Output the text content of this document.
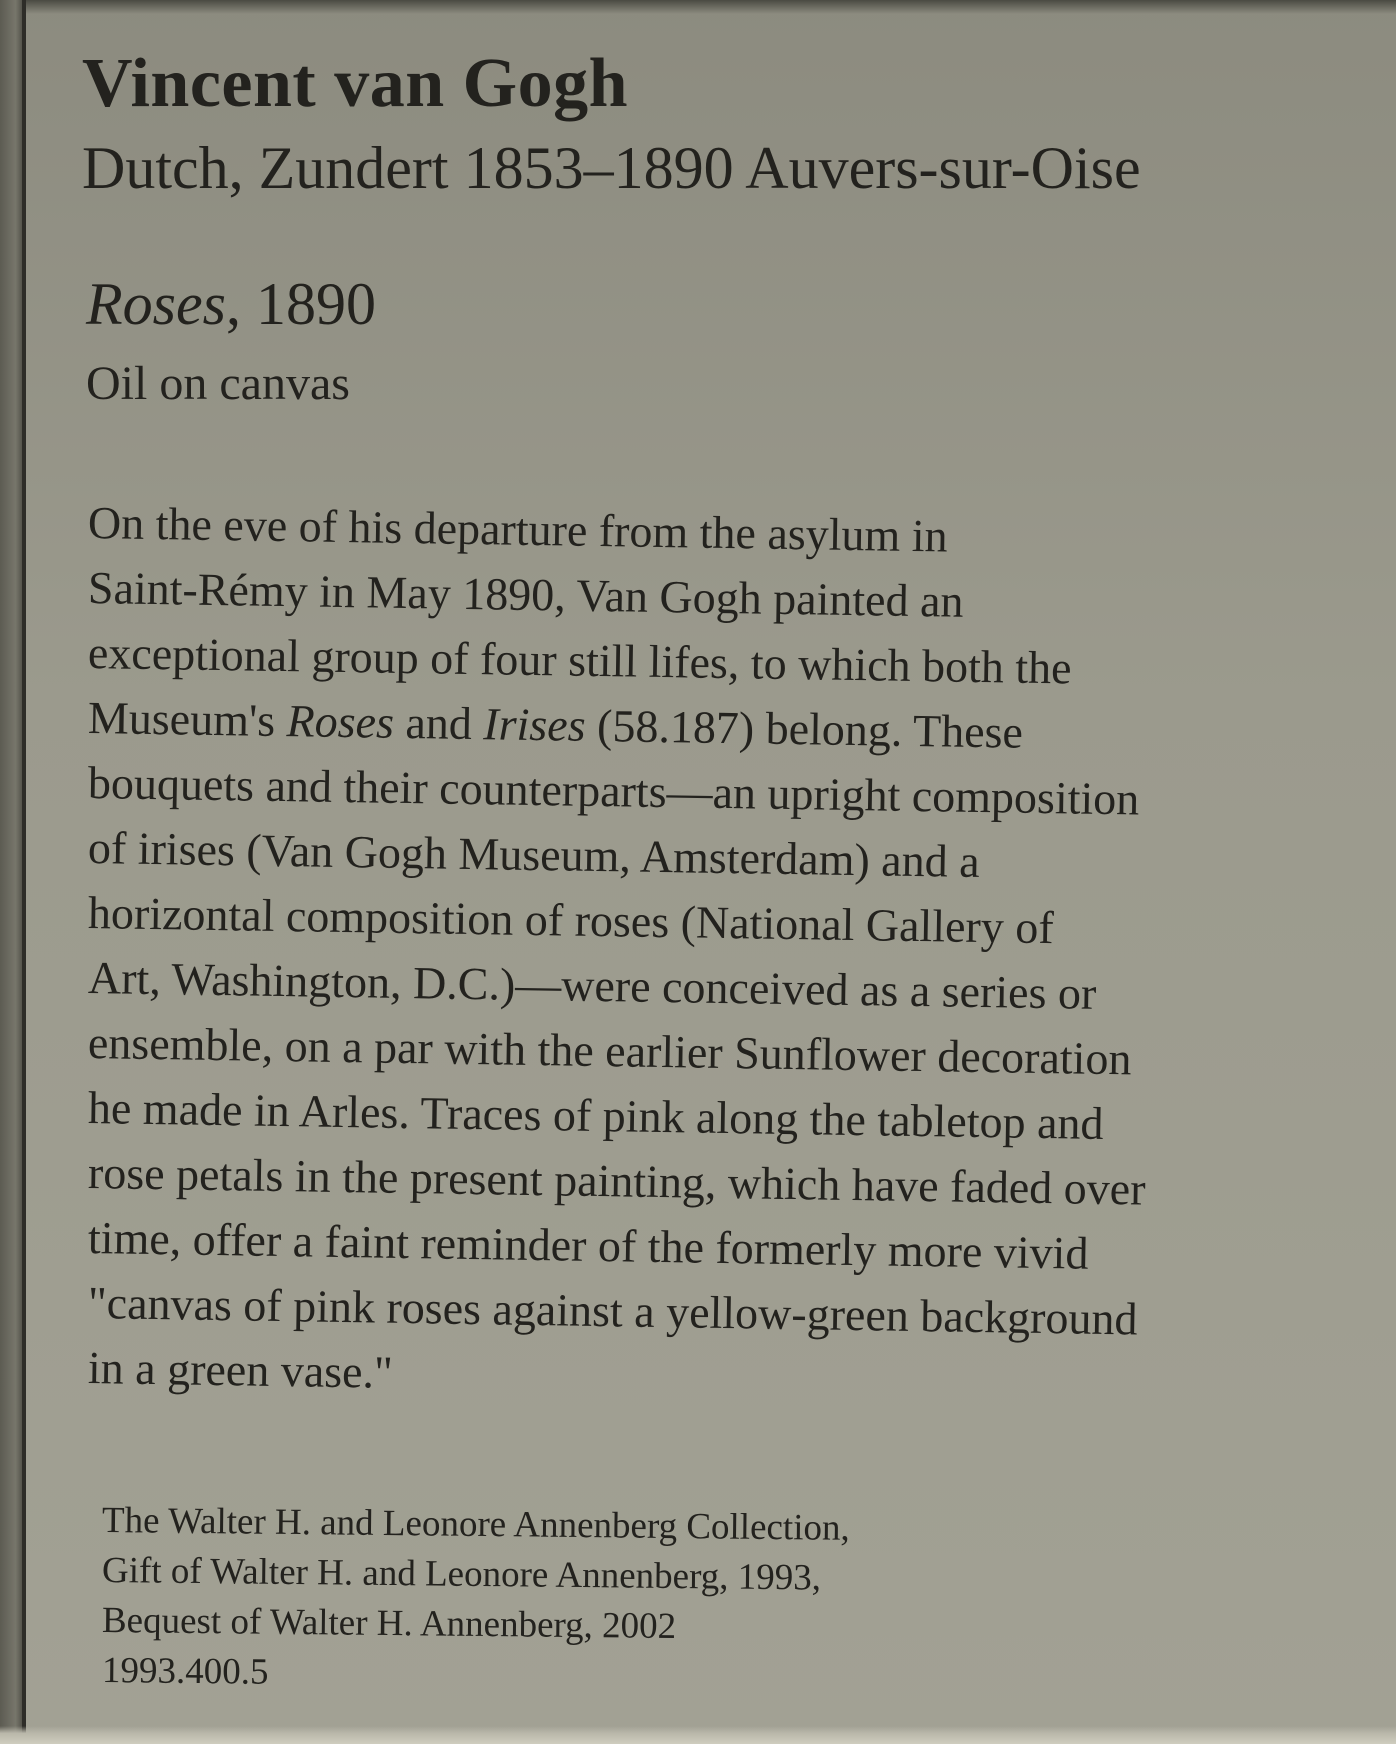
Vincent van Gogh
Dutch, Zundert 1853–1890 Auvers-sur-Oise
Roses, 1890
Oil on canvas
On the eve of his departure from the asylum in
Saint-Rémy in May 1890, Van Gogh painted an
exceptional group of four still lifes, to which both the
Museum's Roses and Irises (58.187) belong. These
bouquets and their counterparts—an upright composition
of irises (Van Gogh Museum, Amsterdam) and a
horizontal composition of roses (National Gallery of
Art, Washington, D.C.)—were conceived as a series or
ensemble, on a par with the earlier Sunflower decoration
he made in Arles. Traces of pink along the tabletop and
rose petals in the present painting, which have faded over
time, offer a faint reminder of the formerly more vivid
"canvas of pink roses against a yellow-green background
in a green vase."
The Walter H. and Leonore Annenberg Collection,
Gift of Walter H. and Leonore Annenberg, 1993,
Bequest of Walter H. Annenberg, 2002
1993.400.5
